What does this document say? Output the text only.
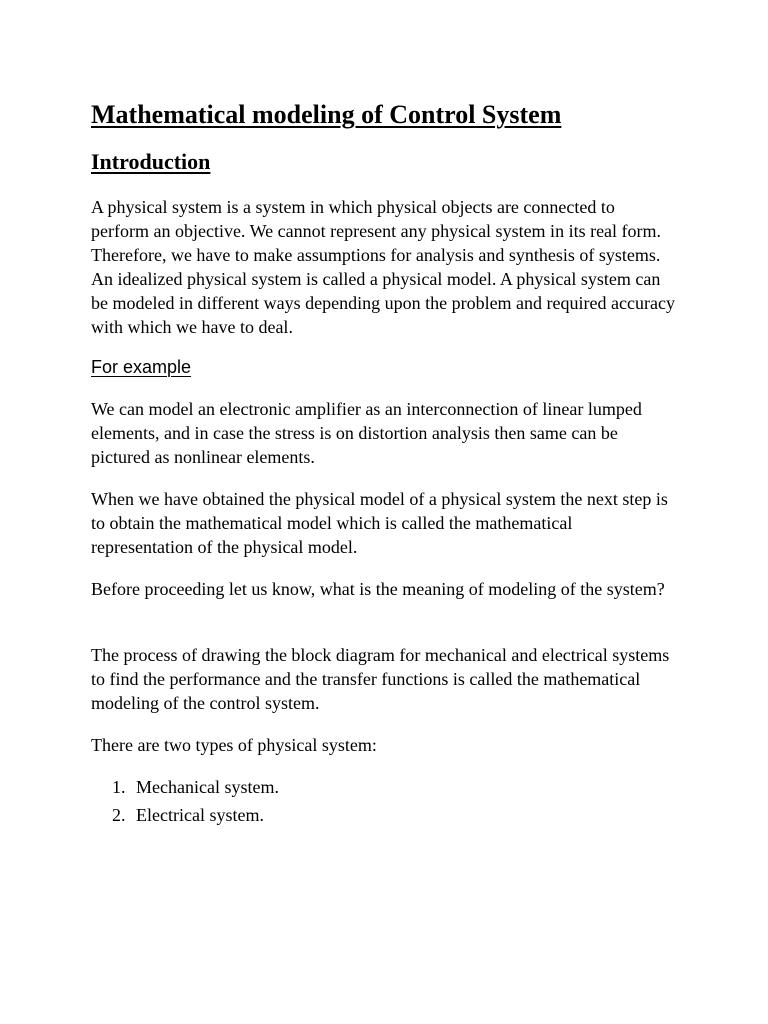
Mathematical modeling of Control System
Introduction

A physical system is a system in which physical objects are connected to perform an objective. We cannot represent any physical system in its real form. Therefore, we have to make assumptions for analysis and synthesis of systems. An idealized physical system is called a physical model. A physical system can be modeled in different ways depending upon the problem and required accuracy with which we have to deal.

For example

We can model an electronic amplifier as an interconnection of linear lumped elements, and in case the stress is on distortion analysis then same can be pictured as nonlinear elements.

When we have obtained the physical model of a physical system the next step is to obtain the mathematical model which is called the mathematical representation of the physical model.

Before proceeding let us know, what is the meaning of modeling of the system?

The process of drawing the block diagram for mechanical and electrical systems to find the performance and the transfer functions is called the mathematical modeling of the control system.

There are two types of physical system:

1. Mechanical system.
2. Electrical system.
